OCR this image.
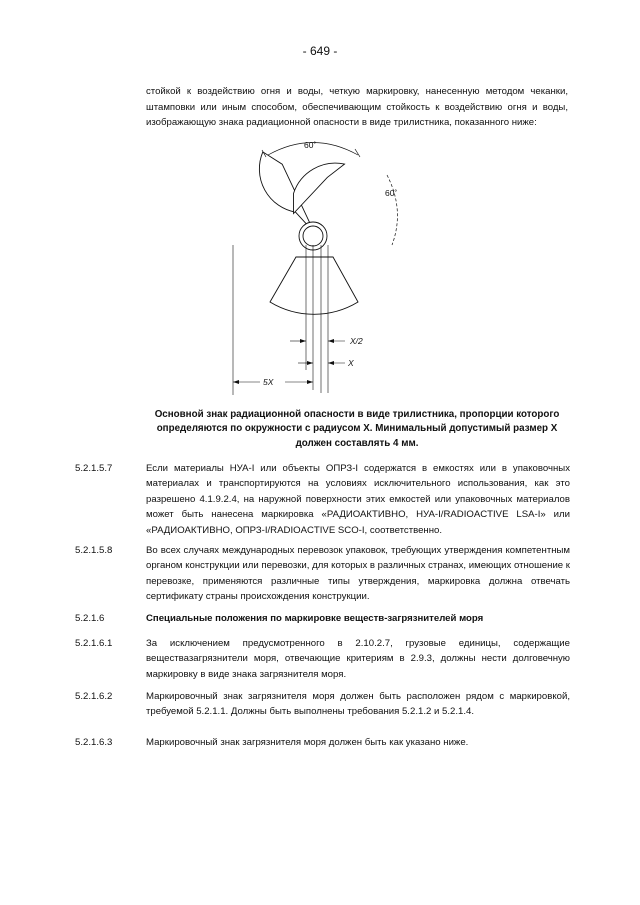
- 649 -
стойкой к воздействию огня и воды, четкую маркировку, нанесенную методом чеканки, штамповки или иным способом, обеспечивающим стойкость к воздействию огня и воды, изображающую знака радиационной опасности в виде трилистника, показанного ниже:
60˚
60˚
X/2
X
5X
Основной знак радиационной опасности в виде трилистника, пропорции которого определяются по окружности с радиусом X. Минимальный допустимый размер X должен составлять 4 мм.
5.2.1.5.7	Если материалы НУА-I или объекты ОПРЗ-I содержатся в емкостях или в упаковочных материалах и транспортируются на условиях исключительного использования, как это разрешено 4.1.9.2.4, на наружной поверхности этих емкостей или упаковочных материалов может быть нанесена маркировка «РАДИОАКТИВНО, НУА-I/RADIOACTIVE LSA-I» или «РАДИОАКТИВНО, ОПРЗ-I/RADIOACTIVE SCO-I, соответственно.
5.2.1.5.8	Во всех случаях международных перевозок упаковок, требующих утверждения компетентным органом конструкции или перевозки, для которых в различных странах, имеющих отношение к перевозке, применяются различные типы утверждения, маркировка должна отвечать сертификату страны происхождения конструкции.
5.2.1.6	Специальные положения по маркировке веществ-загрязнителей моря
5.2.1.6.1	За исключением предусмотренного в 2.10.2.7, грузовые единицы, содержащие веществазагрязнители моря, отвечающие критериям в 2.9.3, должны нести долговечную маркировку в виде знака загрязнителя моря.
5.2.1.6.2	Маркировочный знак загрязнителя моря должен быть расположен рядом с маркировкой, требуемой 5.2.1.1. Должны быть выполнены требования 5.2.1.2 и 5.2.1.4.
5.2.1.6.3	Маркировочный знак загрязнителя моря должен быть как указано ниже.
